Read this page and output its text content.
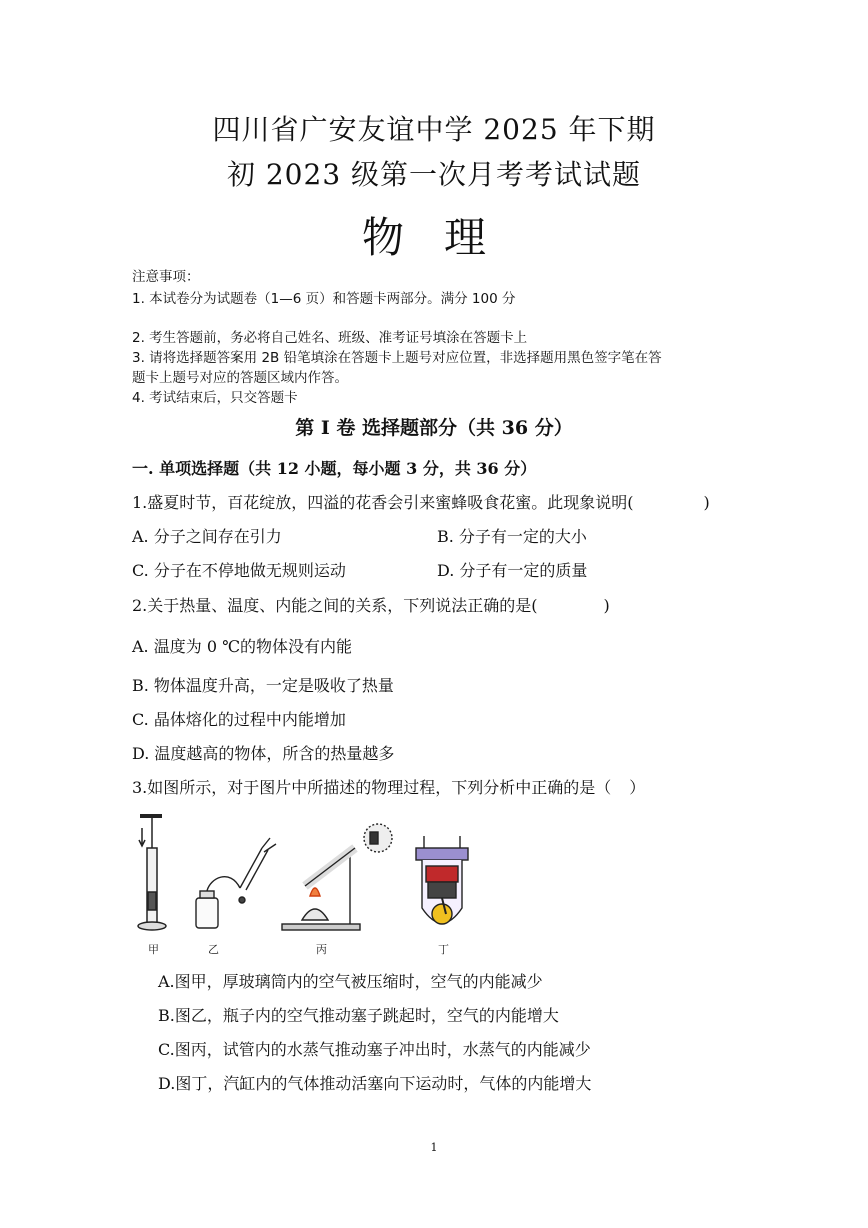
四川省广安友谊中学 2025 年下期
初 2023 级第一次月考考试试题
物理
注意事项：
1. 本试卷分为试题卷（1—6 页）和答题卡两部分。满分 100 分
2. 考生答题前，务必将自己姓名、班级、准考证号填涂在答题卡上
3. 请将选择题答案用 2B 铅笔填涂在答题卡上题号对应位置，非选择题用黑色签字笔在答
题卡上题号对应的答题区域内作答。
4. 考试结束后，只交答题卡
第 I 卷 选择题部分（共 36 分）
一. 单项选择题（共 12 小题，每小题 3 分，共 36 分）
1.盛夏时节，百花绽放，四溢的花香会引来蜜蜂吸食花蜜。此现象说明(	)
A. 分子之间存在引力	B. 分子有一定的大小
C. 分子在不停地做无规则运动	D. 分子有一定的质量
2.关于热量、温度、内能之间的关系，下列说法正确的是(	)
A. 温度为 0 ℃的物体没有内能
B. 物体温度升高，一定是吸收了热量
C. 晶体熔化的过程中内能增加
D. 温度越高的物体，所含的热量越多
3.如图所示，对于图片中所描述的物理过程，下列分析中正确的是（ ）
甲	乙	丙	丁
A.图甲，厚玻璃筒内的空气被压缩时，空气的内能减少
B.图乙，瓶子内的空气推动塞子跳起时，空气的内能增大
C.图丙，试管内的水蒸气推动塞子冲出时，水蒸气的内能减少
D.图丁，汽缸内的气体推动活塞向下运动时，气体的内能增大
1
